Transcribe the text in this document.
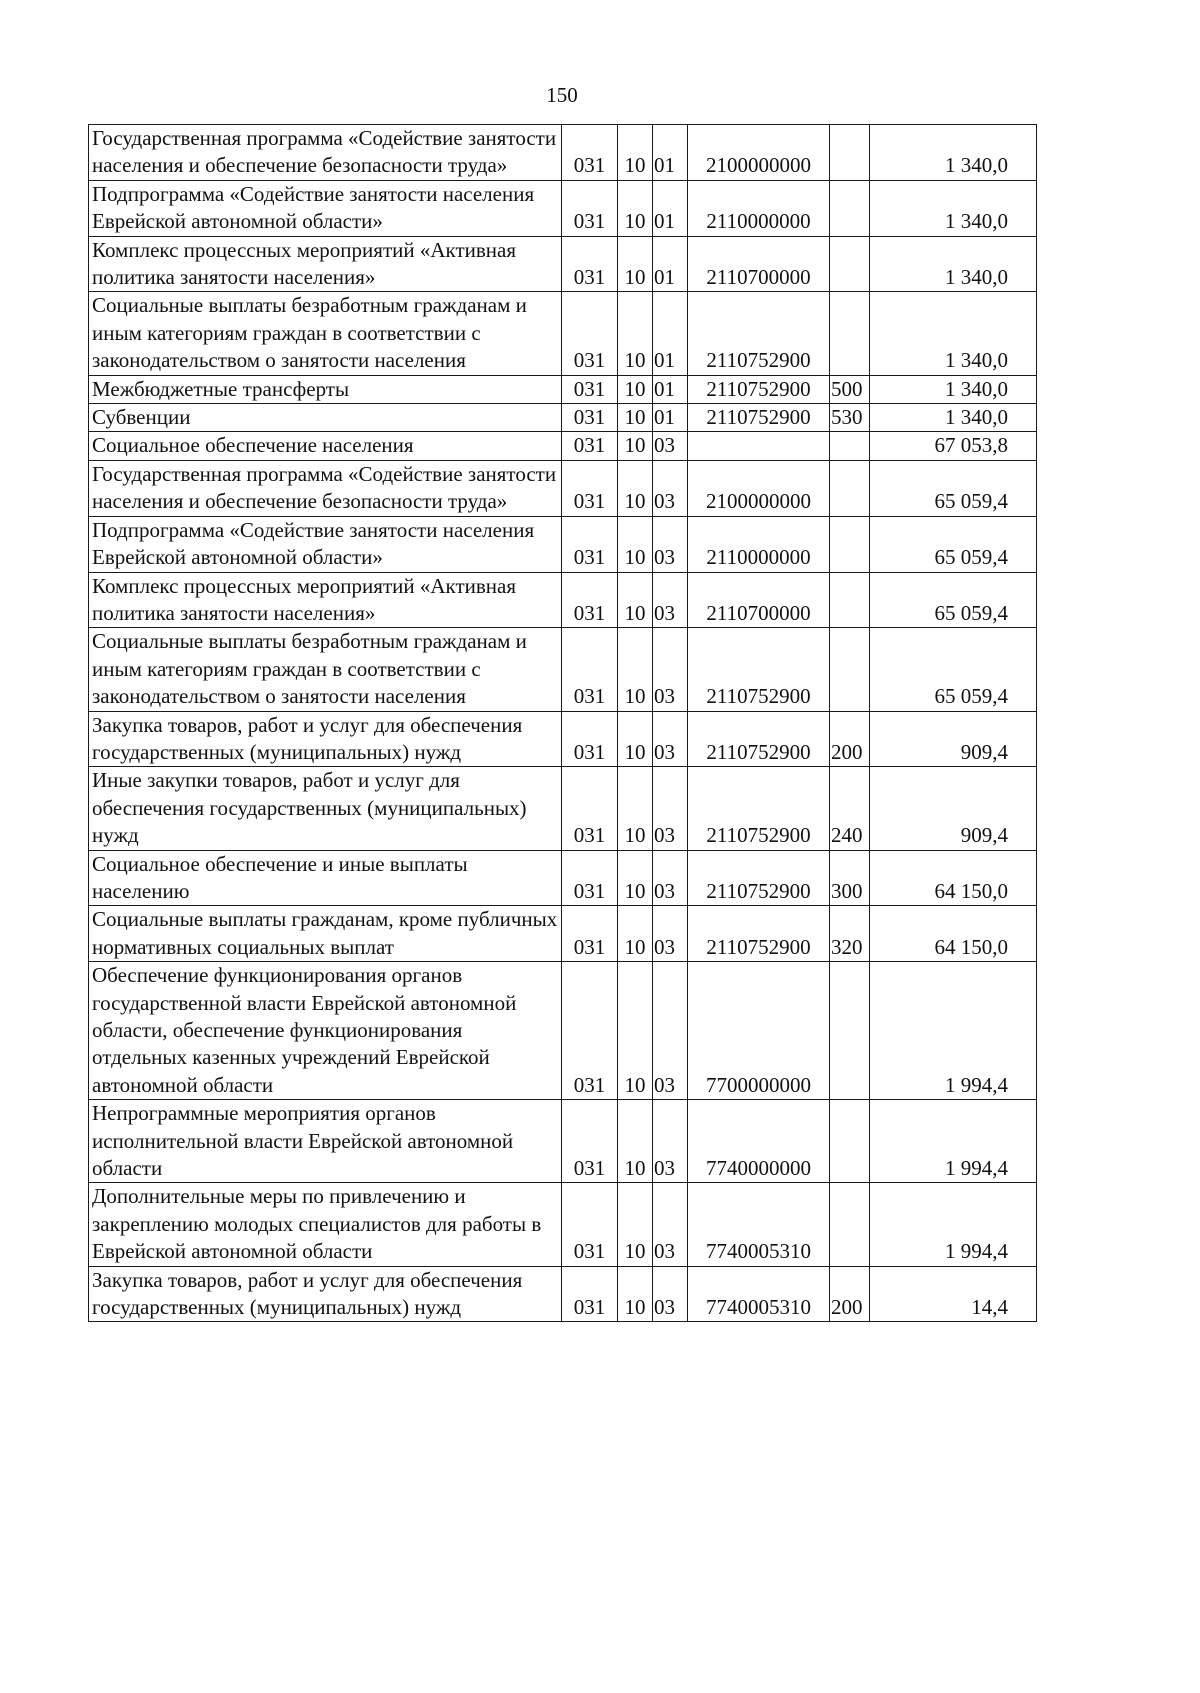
150
Государственная программа «Содействие занятости населения и обеспечение безопасности труда»	031	10	01	2100000000		1 340,0
Подпрограмма «Содействие занятости населения Еврейской автономной области»	031	10	01	2110000000		1 340,0
Комплекс процессных мероприятий «Активная политика занятости населения»	031	10	01	2110700000		1 340,0
Социальные выплаты безработным гражданам и иным категориям граждан в соответствии с законодательством о занятости населения	031	10	01	2110752900		1 340,0
Межбюджетные трансферты	031	10	01	2110752900	500	1 340,0
Субвенции	031	10	01	2110752900	530	1 340,0
Социальное обеспечение населения	031	10	03			67 053,8
Государственная программа «Содействие занятости населения и обеспечение безопасности труда»	031	10	03	2100000000		65 059,4
Подпрограмма «Содействие занятости населения Еврейской автономной области»	031	10	03	2110000000		65 059,4
Комплекс процессных мероприятий «Активная политика занятости населения»	031	10	03	2110700000		65 059,4
Социальные выплаты безработным гражданам и иным категориям граждан в соответствии с законодательством о занятости населения	031	10	03	2110752900		65 059,4
Закупка товаров, работ и услуг для обеспечения государственных (муниципальных) нужд	031	10	03	2110752900	200	909,4
Иные закупки товаров, работ и услуг для обеспечения государственных (муниципальных) нужд	031	10	03	2110752900	240	909,4
Социальное обеспечение и иные выплаты населению	031	10	03	2110752900	300	64 150,0
Социальные выплаты гражданам, кроме публичных нормативных социальных выплат	031	10	03	2110752900	320	64 150,0
Обеспечение функционирования органов государственной власти Еврейской автономной области, обеспечение функционирования отдельных казенных учреждений Еврейской автономной области	031	10	03	7700000000		1 994,4
Непрограммные мероприятия органов исполнительной власти Еврейской автономной области	031	10	03	7740000000		1 994,4
Дополнительные меры по привлечению и закреплению молодых специалистов для работы в Еврейской автономной области	031	10	03	7740005310		1 994,4
Закупка товаров, работ и услуг для обеспечения государственных (муниципальных) нужд	031	10	03	7740005310	200	14,4
